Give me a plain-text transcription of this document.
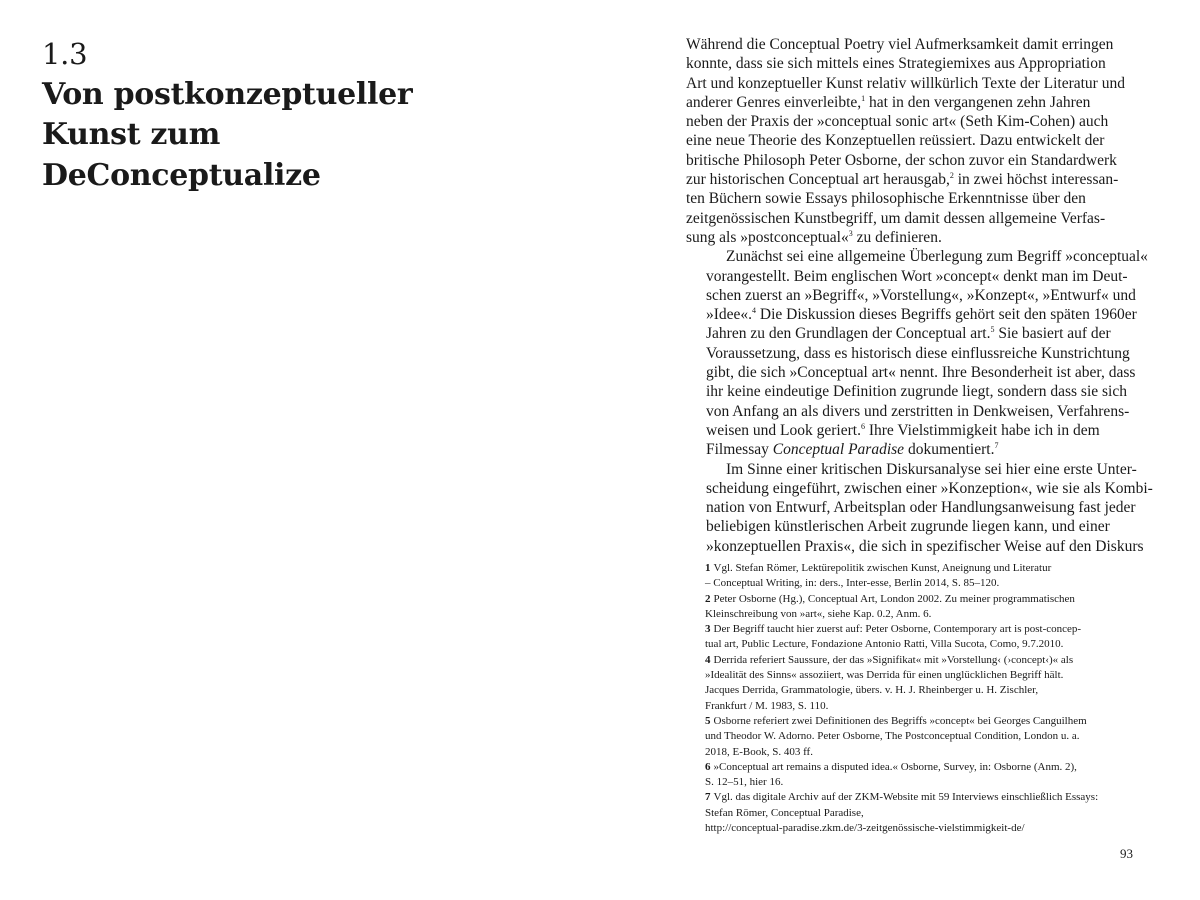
1.3
Von postkonzeptueller
Kunst zum
DeConceptualize

Während die Conceptual Poetry viel Aufmerksamkeit damit erringen
konnte, dass sie sich mittels eines Strategiemixes aus Appropriation
Art und konzeptueller Kunst relativ willkürlich Texte der Literatur und
anderer Genres einverleibte,$^1$ hat in den vergangenen zehn Jahren
neben der Praxis der »conceptual sonic art« (Seth Kim-Cohen) auch
eine neue Theorie des Konzeptuellen reüssiert. Dazu entwickelt der
britische Philosoph Peter Osborne, der schon zuvor ein Standardwerk
zur historischen Conceptual art herausgab,$^2$ in zwei höchst interessan-
ten Büchern sowie Essays philosophische Erkenntnisse über den
zeitgenössischen Kunstbegriff, um damit dessen allgemeine Verfas-
sung als »postconceptual«$^3$ zu definieren.

Zunächst sei eine allgemeine Überlegung zum Begriff »conceptual«
vorangestellt. Beim englischen Wort »concept« denkt man im Deut-
schen zuerst an »Begriff«, »Vorstellung«, »Konzept«, »Entwurf« und
»Idee«.$^4$ Die Diskussion dieses Begriffs gehört seit den späten 1960er
Jahren zu den Grundlagen der Conceptual art.$^5$ Sie basiert auf der
Voraussetzung, dass es historisch diese einflussreiche Kunstrichtung
gibt, die sich »Conceptual art« nennt. Ihre Besonderheit ist aber, dass
ihr keine eindeutige Definition zugrunde liegt, sondern dass sie sich
von Anfang an als divers und zerstritten in Denkweisen, Verfahrens-
weisen und Look geriert.$^6$ Ihre Vielstimmigkeit habe ich in dem
Filmessay Conceptual Paradise dokumentiert.$^7$

Im Sinne einer kritischen Diskursanalyse sei hier eine erste Unter-
scheidung eingeführt, zwischen einer »Konzeption«, wie sie als Kombi-
nation von Entwurf, Arbeitsplan oder Handlungsanweisung fast jeder
beliebigen künstlerischen Arbeit zugrunde liegen kann, und einer
»konzeptuellen Praxis«, die sich in spezifischer Weise auf den Diskurs

1 Vgl. Stefan Römer, Lektürepolitik zwischen Kunst, Aneignung und Literatur
– Conceptual Writing, in: ders., Inter-esse, Berlin 2014, S. 85–120.
2 Peter Osborne (Hg.), Conceptual Art, London 2002. Zu meiner programmatischen
Kleinschreibung von »art«, siehe Kap. 0.2, Anm. 6.
3 Der Begriff taucht hier zuerst auf: Peter Osborne, Contemporary art is post-concep-
tual art, Public Lecture, Fondazione Antonio Ratti, Villa Sucota, Como, 9.7.2010.
4 Derrida referiert Saussure, der das »Signifikat« mit »Vorstellung‹ (›concept‹)« als
»Idealität des Sinns« assoziiert, was Derrida für einen unglücklichen Begriff hält.
Jacques Derrida, Grammatologie, übers. v. H. J. Rheinberger u. H. Zischler,
Frankfurt / M. 1983, S. 110.
5 Osborne referiert zwei Definitionen des Begriffs »concept« bei Georges Canguilhem
und Theodor W. Adorno. Peter Osborne, The Postconceptual Condition, London u. a.
2018, E-Book, S. 403 ff.
6 »Conceptual art remains a disputed idea.« Osborne, Survey, in: Osborne (Anm. 2),
S. 12–51, hier 16.
7 Vgl. das digitale Archiv auf der ZKM-Website mit 59 Interviews einschließlich Essays:
Stefan Römer, Conceptual Paradise,
http://conceptual-paradise.zkm.de/3-zeitgenössische-vielstimmigkeit-de/
93
